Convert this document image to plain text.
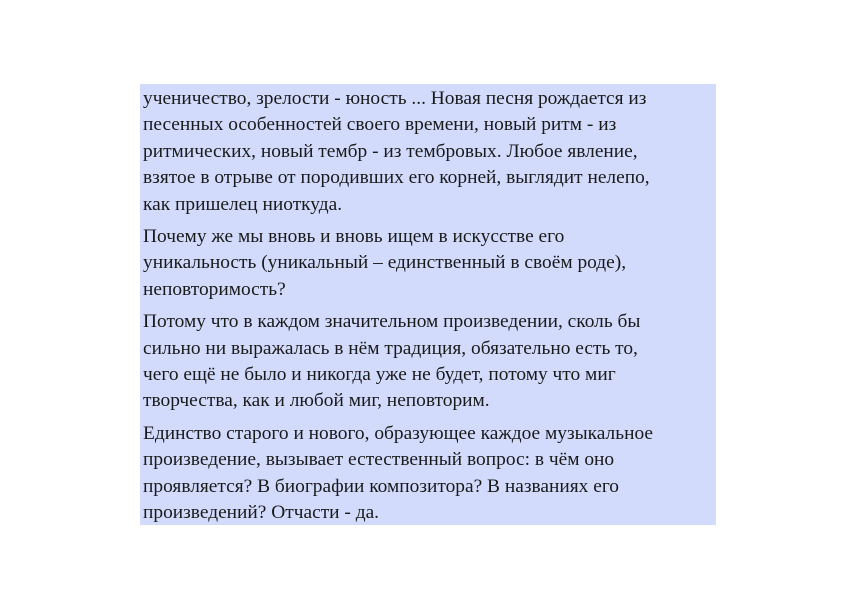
ученичество, зрелости - юность ... Новая песня рождается из
песенных особенностей своего времени, новый ритм - из
ритмических, новый тембр - из тембровых. Любое явление,
взятое в отрыве от породивших его корней, выглядит нелепо,
как пришелец ниоткуда.

Почему же мы вновь и вновь ищем в искусстве его
уникальность (уникальный – единственный в своём роде),
неповторимость?

Потому что в каждом значительном произведении, сколь бы
сильно ни выражалась в нём традиция, обязательно есть то,
чего ещё не было и никогда уже не будет, потому что миг
творчества, как и любой миг, неповторим.

Единство старого и нового, образующее каждое музыкальное
произведение, вызывает естественный вопрос: в чём оно
проявляется? В биографии композитора? В названиях его
произведений? Отчасти - да.
